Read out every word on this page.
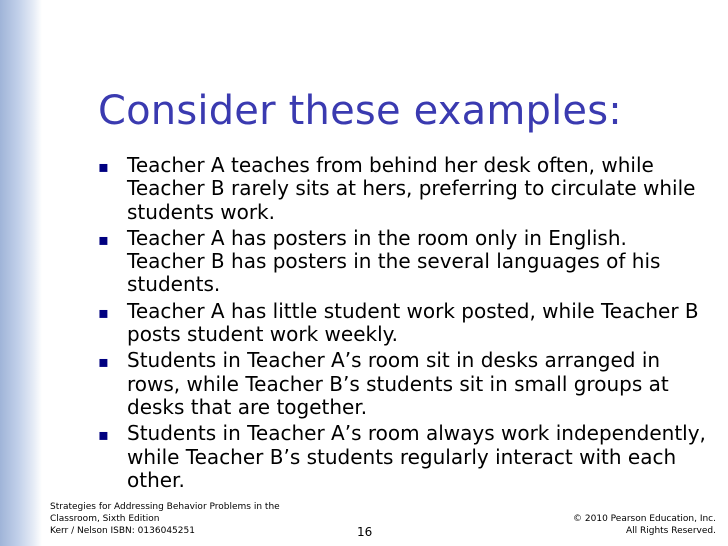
Consider these examples:
▪ Teacher A teaches from behind her desk often, while Teacher B rarely sits at hers, preferring to circulate while students work.
▪ Teacher A has posters in the room only in English. Teacher B has posters in the several languages of his students.
▪ Teacher A has little student work posted, while Teacher B posts student work weekly.
▪ Students in Teacher A’s room sit in desks arranged in rows, while Teacher B’s students sit in small groups at desks that are together.
▪ Students in Teacher A’s room always work independently, while Teacher B’s students regularly interact with each other.
Strategies for Addressing Behavior Problems in the
Classroom, Sixth Edition
Kerr / Nelson ISBN: 0136045251	16
© 2010 Pearson Education, Inc.
All Rights Reserved.
